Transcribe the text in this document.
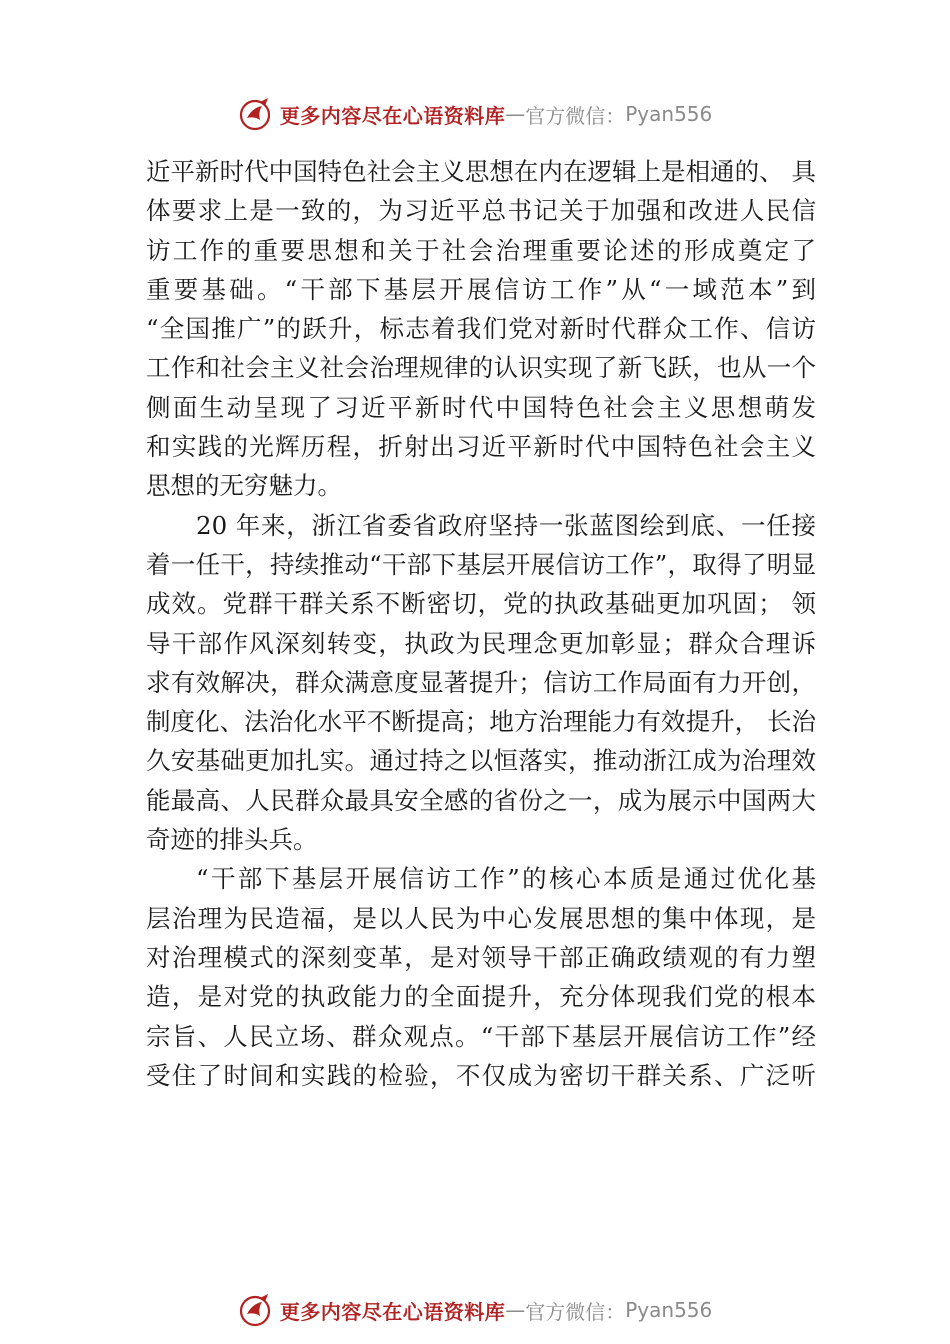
更多内容尽在心语资料库 — 官方微信： Pyan556
近平新时代中国特色社会主义思想在内在逻辑上是相通的、 具
体要求上是一致的，为习近平总书记关于加强和改进人民信
访工作的重要思想和关于社会治理重要论述的形成奠定了
重要基础。“干部下基层开展信访工作”从“一域范本”到
“全国推广”的跃升，标志着我们党对新时代群众工作、信访
工作和社会主义社会治理规律的认识实现了新飞跃，也从一个
侧面生动呈现了习近平新时代中国特色社会主义思想萌发
和实践的光辉历程，折射出习近平新时代中国特色社会主义
思想的无穷魅力。
20 年来，浙江省委省政府坚持一张蓝图绘到底、一任接
着一任干，持续推动“干部下基层开展信访工作”，取得了明显
成效。党群干群关系不断密切，党的执政基础更加巩固； 领
导干部作风深刻转变，执政为民理念更加彰显；群众合理诉
求有效解决，群众满意度显著提升；信访工作局面有力开创，
制度化、法治化水平不断提高；地方治理能力有效提升， 长治
久安基础更加扎实。通过持之以恒落实，推动浙江成为治理效
能最高、人民群众最具安全感的省份之一，成为展示中国两大
奇迹的排头兵。
“干部下基层开展信访工作”的核心本质是通过优化基
层治理为民造福，是以人民为中心发展思想的集中体现，是
对治理模式的深刻变革，是对领导干部正确政绩观的有力塑
造，是对党的执政能力的全面提升，充分体现我们党的根本
宗旨、人民立场、群众观点。“干部下基层开展信访工作”经
受住了时间和实践的检验，不仅成为密切干群关系、广泛听
更多内容尽在心语资料库 — 官方微信： Pyan556
